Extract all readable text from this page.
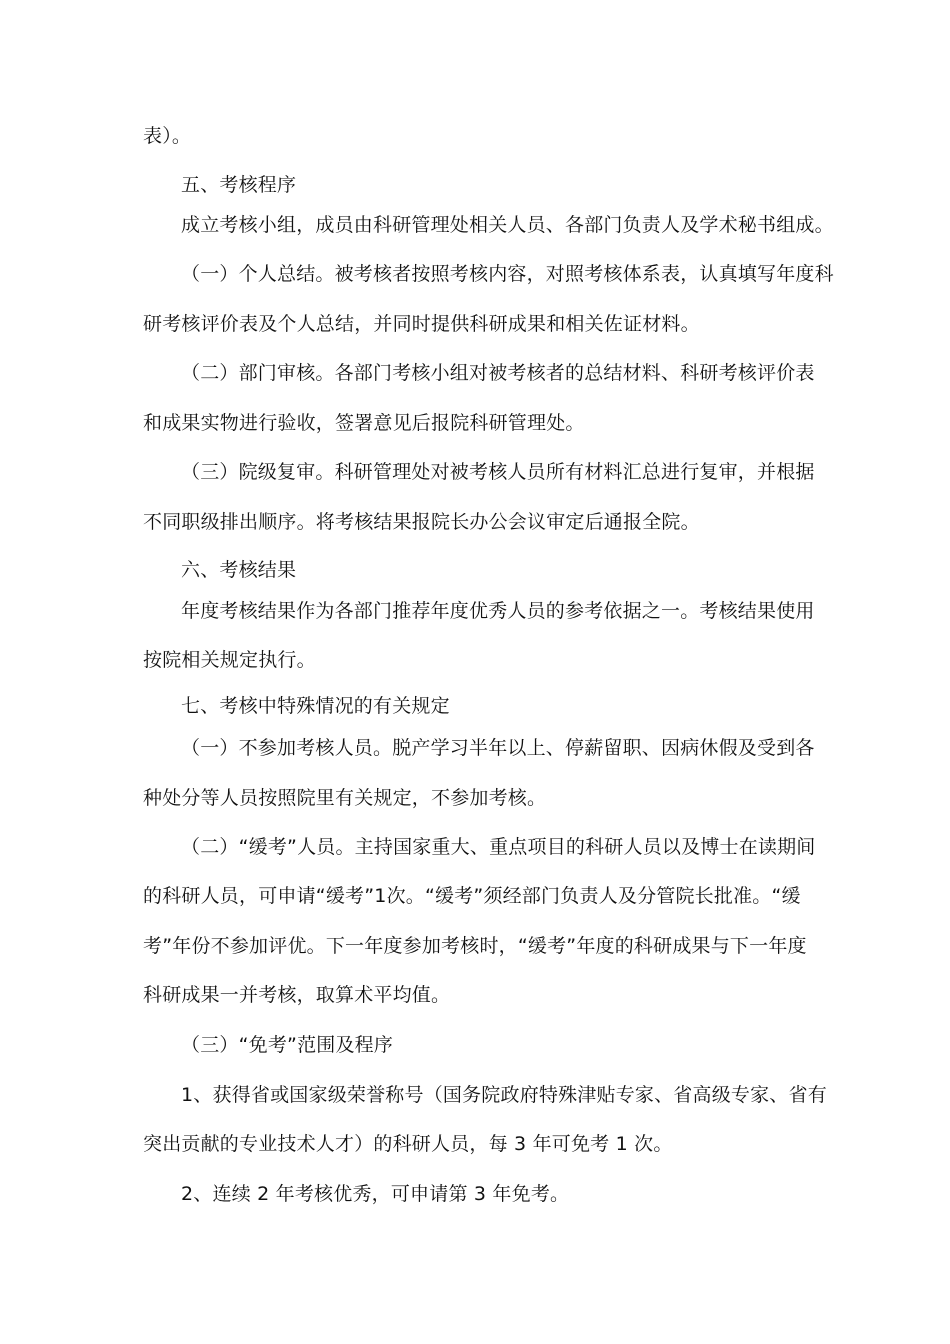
表）。
五、考核程序
成立考核小组，成员由科研管理处相关人员、各部门负责人及学术秘书组成。
（一）个人总结。被考核者按照考核内容，对照考核体系表，认真填写年度科
研考核评价表及个人总结，并同时提供科研成果和相关佐证材料。
（二）部门审核。各部门考核小组对被考核者的总结材料、科研考核评价表
和成果实物进行验收，签署意见后报院科研管理处。
（三）院级复审。科研管理处对被考核人员所有材料汇总进行复审，并根据
不同职级排出顺序。将考核结果报院长办公会议审定后通报全院。
六、考核结果
年度考核结果作为各部门推荐年度优秀人员的参考依据之一。考核结果使用
按院相关规定执行。
七、考核中特殊情况的有关规定
（一）不参加考核人员。脱产学习半年以上、停薪留职、因病休假及受到各
种处分等人员按照院里有关规定，不参加考核。
（二）“缓考”人员。主持国家重大、重点项目的科研人员以及博士在读期间
的科研人员，可申请“缓考”1次。“缓考”须经部门负责人及分管院长批准。“缓
考”年份不参加评优。下一年度参加考核时，“缓考”年度的科研成果与下一年度
科研成果一并考核，取算术平均值。
（三）“免考”范围及程序
1、获得省或国家级荣誉称号（国务院政府特殊津贴专家、省高级专家、省有
突出贡献的专业技术人才）的科研人员，每 3 年可免考 1 次。
2、连续 2 年考核优秀，可申请第 3 年免考。
